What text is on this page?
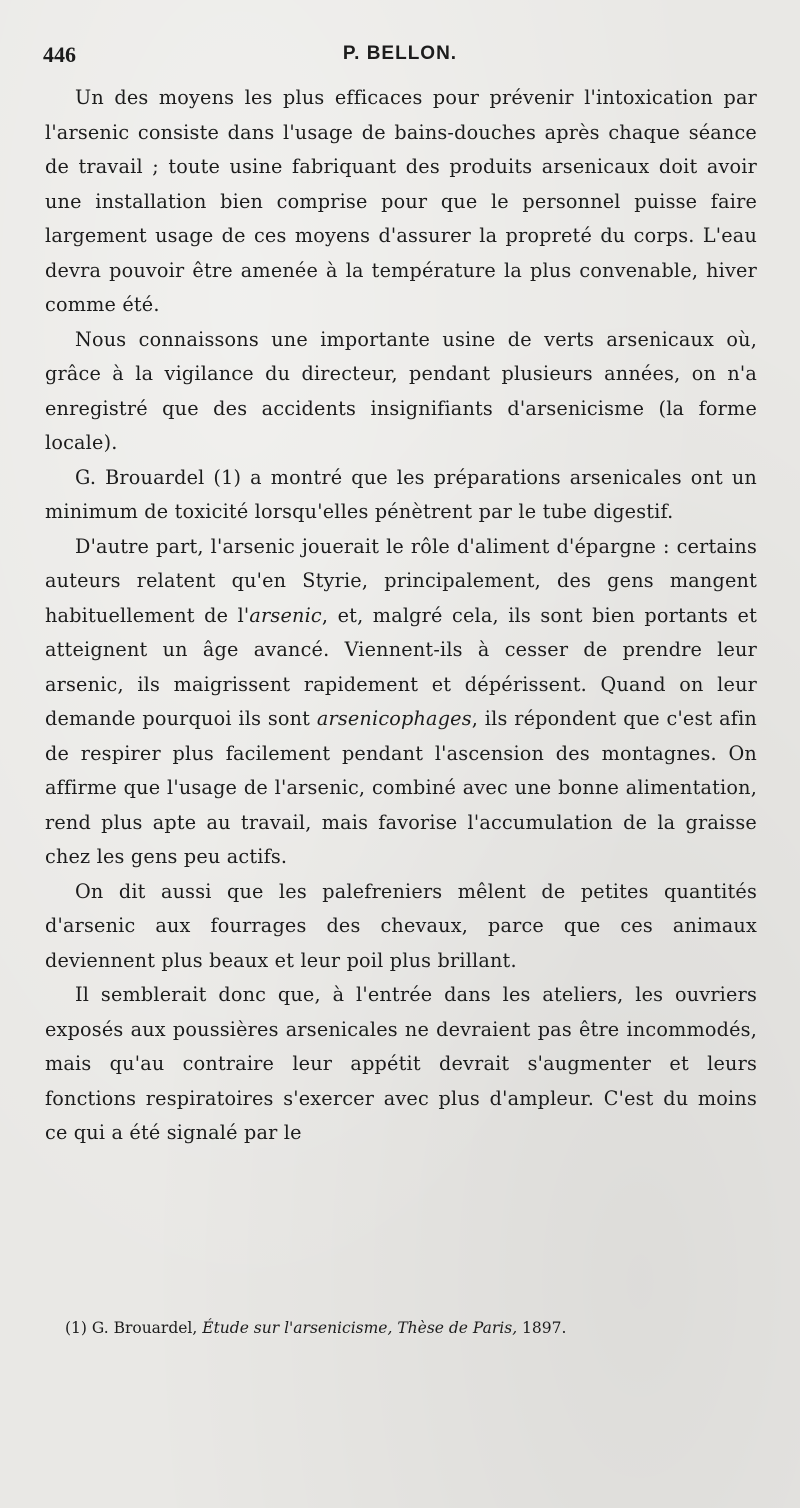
446	P. BELLON.

Un des moyens les plus efficaces pour prévenir l'intoxication par l'arsenic consiste dans l'usage de bains-douches après chaque séance de travail ; toute usine fabriquant des produits arsenicaux doit avoir une installation bien comprise pour que le personnel puisse faire largement usage de ces moyens d'assurer la propreté du corps. L'eau devra pouvoir être amenée à la température la plus convenable, hiver comme été.

Nous connaissons une importante usine de verts arsenicaux où, grâce à la vigilance du directeur, pendant plusieurs années, on n'a enregistré que des accidents insignifiants d'arsenicisme (la forme locale).

G. Brouardel (1) a montré que les préparations arsenicales ont un minimum de toxicité lorsqu'elles pénètrent par le tube digestif.

D'autre part, l'arsenic jouerait le rôle d'aliment d'épargne : certains auteurs relatent qu'en Styrie, principalement, des gens mangent habituellement de l'arsenic, et, malgré cela, ils sont bien portants et atteignent un âge avancé. Viennent-ils à cesser de prendre leur arsenic, ils maigrissent rapidement et dépérissent. Quand on leur demande pourquoi ils sont arsenicophages, ils répondent que c'est afin de respirer plus facilement pendant l'ascension des montagnes. On affirme que l'usage de l'arsenic, combiné avec une bonne alimentation, rend plus apte au travail, mais favorise l'accumulation de la graisse chez les gens peu actifs.

On dit aussi que les palefreniers mêlent de petites quantités d'arsenic aux fourrages des chevaux, parce que ces animaux deviennent plus beaux et leur poil plus brillant.

Il semblerait donc que, à l'entrée dans les ateliers, les ouvriers exposés aux poussières arsenicales ne devraient pas être incommodés, mais qu'au contraire leur appétit devrait s'augmenter et leurs fonctions respiratoires s'exercer avec plus d'ampleur. C'est du moins ce qui a été signalé par le

(1) G. Brouardel, Étude sur l'arsenicisme, Thèse de Paris, 1897.
